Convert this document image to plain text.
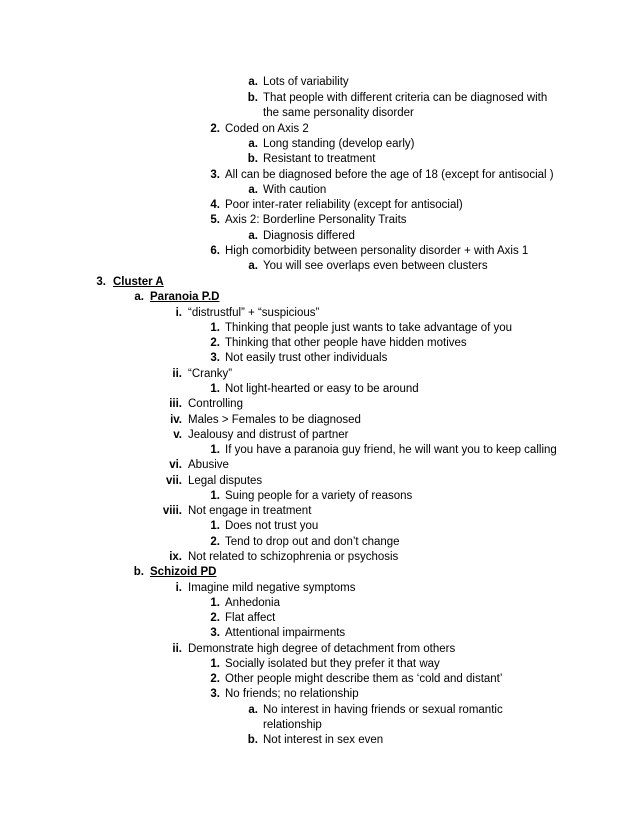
a. Lots of variability
b. That people with different criteria can be diagnosed with
the same personality disorder
2. Coded on Axis 2
a. Long standing (develop early)
b. Resistant to treatment
3. All can be diagnosed before the age of 18 (except for antisocial )
a. With caution
4. Poor inter-rater reliability (except for antisocial)
5. Axis 2: Borderline Personality Traits
a. Diagnosis differed
6. High comorbidity between personality disorder + with Axis 1
a. You will see overlaps even between clusters
3. Cluster A
a. Paranoia P.D
i. “distrustful” + “suspicious”
1. Thinking that people just wants to take advantage of you
2. Thinking that other people have hidden motives
3. Not easily trust other individuals
ii. “Cranky”
1. Not light-hearted or easy to be around
iii. Controlling
iv. Males > Females to be diagnosed
v. Jealousy and distrust of partner
1. If you have a paranoia guy friend, he will want you to keep calling
vi. Abusive
vii. Legal disputes
1. Suing people for a variety of reasons
viii. Not engage in treatment
1. Does not trust you
2. Tend to drop out and don’t change
ix. Not related to schizophrenia or psychosis
b. Schizoid PD
i. Imagine mild negative symptoms
1. Anhedonia
2. Flat affect
3. Attentional impairments
ii. Demonstrate high degree of detachment from others
1. Socially isolated but they prefer it that way
2. Other people might describe them as ‘cold and distant’
3. No friends; no relationship
a. No interest in having friends or sexual romantic
relationship
b. Not interest in sex even
